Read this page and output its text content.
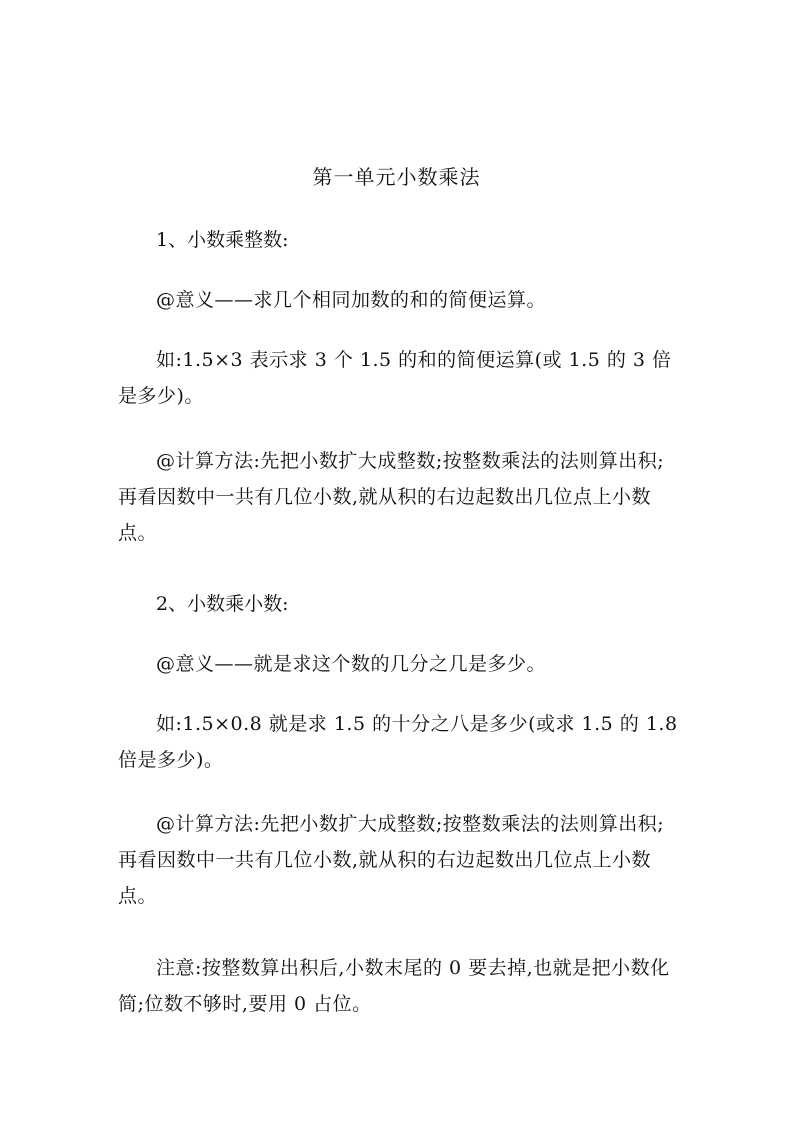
第一单元小数乘法
1、小数乘整数:
@意义——求几个相同加数的和的简便运算。
如:1.5×3 表示求 3 个 1.5 的和的简便运算(或 1.5 的 3 倍是多少)。
@计算方法:先把小数扩大成整数;按整数乘法的法则算出积;再看因数中一共有几位小数,就从积的右边起数出几位点上小数点。
2、小数乘小数:
@意义——就是求这个数的几分之几是多少。
如:1.5×0.8 就是求 1.5 的十分之八是多少(或求 1.5 的 1.8 倍是多少)。
@计算方法:先把小数扩大成整数;按整数乘法的法则算出积;再看因数中一共有几位小数,就从积的右边起数出几位点上小数点。
注意:按整数算出积后,小数末尾的 0 要去掉,也就是把小数化简;位数不够时,要用 0 占位。
